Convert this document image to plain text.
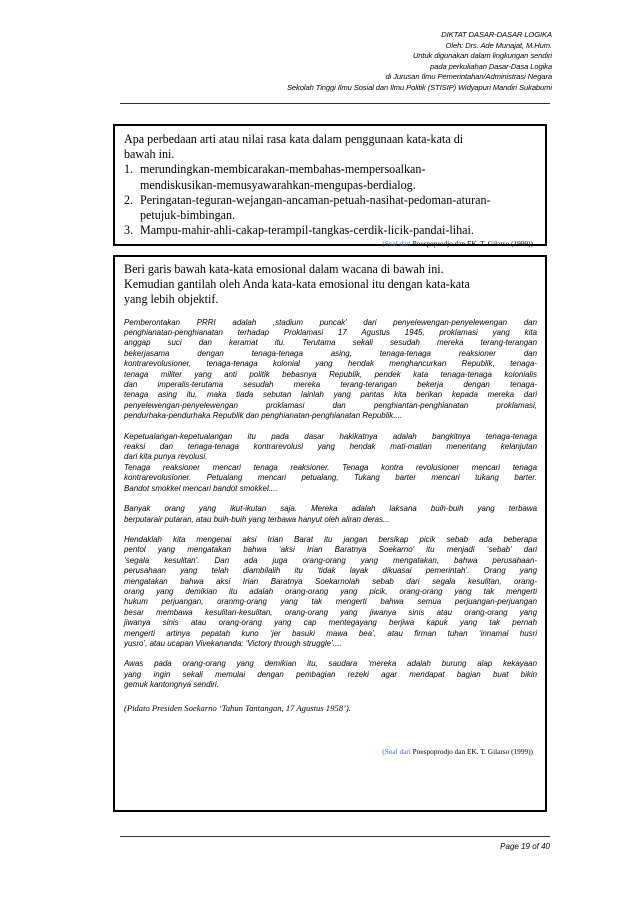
DIKTAT DASAR-DASAR LOGIKA
Oleh: Drs. Ade Munajat, M.Hum.
Untuk digunakan dalam lingkungan sendiri
pada perkuliahan Dasar-Dasa Logika
di Jurusan Ilmu Pemerintahan/Administrasi Negara
Sekolah Tinggi Ilmu Sosial dan Ilmu Politik (STISIP) Widyapuri Mandiri Sukabumi
Apa perbedaan arti atau nilai rasa kata dalam penggunaan kata-kata di
bawah ini.
1. merundingkan-membicarakan-membahas-mempersoalkan-
mendiskusikan-memusyawarahkan-mengupas-berdialog.
2. Peringatan-teguran-wejangan-ancaman-petuah-nasihat-pedoman-aturan-
petujuk-bimbingan.
3. Mampu-mahir-ahli-cakap-terampil-tangkas-cerdik-licik-pandai-lihai.
(Soal dari Poespoprodjo dan EK. T. Gilarso (1999))
Beri garis bawah kata-kata emosional dalam wacana di bawah ini.
Kemudian gantilah oleh Anda kata-kata emosional itu dengan kata-kata
yang lebih objektif.
Pemberontakan PRRI adalah ,stadium puncak’ dari penyelewengan-penyelewengan dan
penghianatan-penghianatan terhadap Proklamasi 17 Agustus 1945, proklamasi yang kita
anggap suci dan keramat itu. Terutama sekali sesudah mereka terang-terangan
bekerjasama dengan tenaga-tenaga asing, tenaga-tenaga reaksioner dan
kontrarevolusioner, tenaga-tenaga kolonial yang hendak menghancurkan Republik, tenaga-
tenaga militer yang anti politik bebasnya Republik, pendek kata tenaga-tenaga kolonialis
dan imperalis-terutama sesudah mereka terang-terangan bekerja dengan tenaga-
tenaga asing itu, maka tiada sebutan lainlah yang pantas kita berikan kepada mereka dari
penyelewengan-penyelewengan proklamasi dan penghiantan-penghianatan proklamasi,
pendurhaka-pendurhaka Republik dan penghianatan-penghianatan Republik....
Kepetualangan-kepetualangan itu pada dasar hakikatnya adalah bangkitnya tenaga-tenaga
reaksi dan tenaga-tenaga kontrarevolusi yang hendak mati-matian menentang kelanjutan
dari kita punya revolusi.
Tenaga reaksioner mencari tenaga reaksioner. Tenaga kontra revolusioner mencari tenaga
kontrarevolusioner. Petualang mencari petualang, Tukang barter mencari tukang barter.
Bandot smokkel mencari bandot smokkel....
Banyak orang yang ikut-ikutan saja. Mereka adalah laksana buih-buih yang terbawa
berputarair putaran, atau buih-buih yang terbawa hanyut oleh aliran deras...
Hendaklah kita mengenai aksi Irian Barat itu jangan bersikap picik sebab ada beberapa
pentol yang mengatakan bahwa ‘aksi Irian Baratnya Soekarno’ itu menjadi ‘sebab’ dari
‘segala kesulitan’. Dan ada juga orang-orang yang mengatakan, bahwa perusahaan-
perusahaan yang telah diambilalih itu ‘tidak layak dikuasai pemerintah’. Orang yang
mengatakan bahwa aksi Irian Baratnya Soekarnolah sebab dari segala kesulitan, orang-
orang yang demikian itu adalah orang-orang yang picik, orang-orang yang tak mengerti
hukum perjuangan, oranmg-orang yang tak mengerti bahwa semua perjuangan-perjuangan
besar membawa kesulitan-kesulitan, orang-orang yang jiwanya sinis atau orang-orang yang
jiwanya sinis atau orang-orang yang cap mentegayang berjiwa kapuk yang tak pernah
mengerti artinya pepatah kuno ‘jer basuki mawa bea’, atau firman tuhan ‘innamal husri
yusro’, atau ucapan Vivekananda: ‘Victory through struggle’....
Awas pada orang-orang yang demikian itu, saudara ‘mereka adalah burung alap kekayaan
yang ingin sekali memulai dengan pembagian rezeki agar mendapat bagian buat bikin
gemuk kantongnya sendiri.
(Pidato Presiden Soekarno ‘Tahun Tantangan, 17 Agustus 1958’).
(Soal dari Poespoprodjo dan EK. T. Gilarso (1999))
Page 19 of 40
